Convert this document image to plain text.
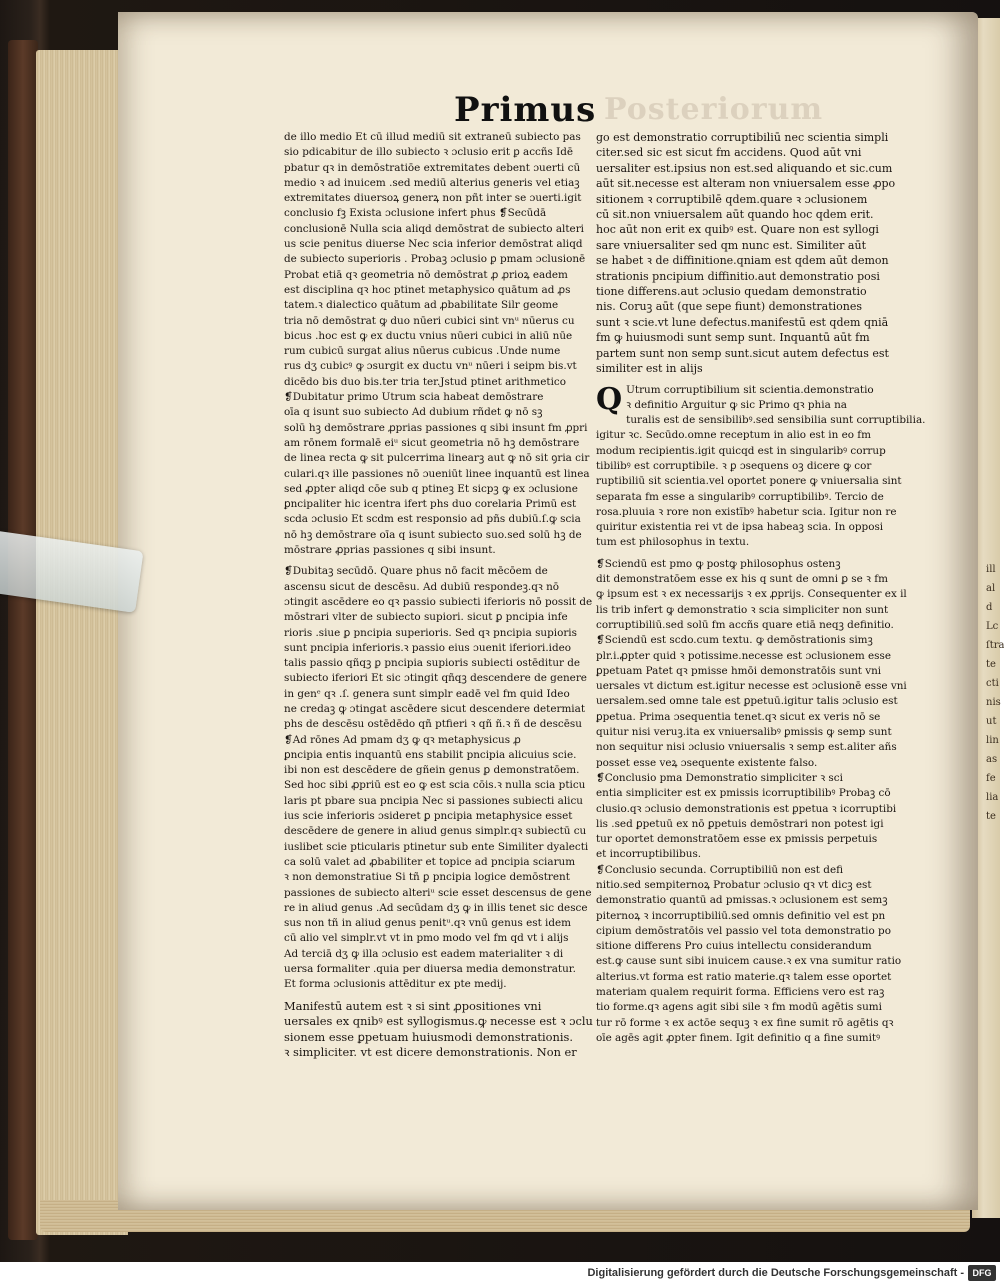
ill
al
d
Lc
ſtra
te
cti
nis
ut
lin
as
fe
lia
te
Posteriorum
Primus
de illo medio Et cū illud mediū sit extraneū subiecto pas
sio pdicabitur de illo subiecto ꝛ ɔclusio erit ꝑ accñs Idē
pbatur qꝛ in demōstratiōe extremitates debent ɔuerti cū
medio ꝛ ad inuicem .sed mediū alterius generis vel etiaꝫ
extremitates diuersoꝝ generꝝ non pñt inter se ɔuerti.igit
conclusio fꝫ Exista ɔclusione infert phus ❡Secūdā
conclusionē Nulla scia aliqd demōstrat de subiecto alteri
us scie penitus diuerse Nec scia inferior demōstrat aliqd
de subiecto superioris . Probaꝫ ɔclusio ꝑ pmam ɔclusionē
Probat etiā qꝛ geometria nō demōstrat ꝓ ꝓrioꝝ eadem
est disciplina qꝛ hoc ptinet metaphysico quātum ad ꝓs
tatem.ꝛ dialectico quātum ad ꝓbabilitate Silr geome
tria nō demōstrat ꝙ duo nūeri cubici sint vnᵘ nūerus cu
bicus .hoc est ꝙ ex ductu vnius nūeri cubici in aliū nūe
rum cubicū surgat alius nūerus cubicus .Unde nume
rus dʒ cubicꝰ ꝙ ɔsurgit ex ductu vnᵘ nūeri i seipm bis.vt
dicēdo bis duo bis.ter tria ter.Jstud ptinet arithmetico
❡Dubitatur primo Utrum scia habeat demōstrare
oīa q isunt suo subiecto Ad dubium rñdet ꝙ nō sꝫ
solū hꝫ demōstrare ꝓprias passiones q sibi insunt fm ꝓpri
am rōnem formalē eiᵘ sicut geometria nō hꝫ demōstrare
de linea recta ꝙ sit pulcerrima linearꝫ aut ꝙ nō sit ꝯria cir
culari.qꝛ ille passiones nō ɔueniūt linee inquantū est linea
sed ꝓpter aliqd cōe sub q ptineꝫ Et sicpꝫ ꝙ ex ɔclusione
ꝑncipaliter hic icentra ifert phs duo corelaria Primū est
scda ɔclusio Et scdm est responsio ad pñs dubiū.ſ.ꝙ scia
nō hꝫ demōstrare oīa q isunt subiecto suo.sed solū hꝫ de
mōstrare ꝓprias passiones q sibi insunt.
❡Dubitaꝫ secūdō. Quare phus nō facit mēcōem de
ascensu sicut de descēsu. Ad dubiū respondeꝫ.qꝛ nō
ɔtingit ascēdere eo qꝛ passio subiecti iferioris nō possit de
mōstrari vlter de subiecto supiori. sicut ꝑ pncipia infe
rioris .siue ꝑ pncipia superioris. Sed qꝛ pncipia supioris
sunt pncipia inferioris.ꝛ passio eius ɔuenit iferiori.ideo
talis passio qñqꝫ ꝑ pncipia supioris subiecti ostēditur de
subiecto iferiori Et sic ɔtingit qñqꝫ descendere de genere
in genᵉ qꝛ .ſ. genera sunt simplr eadē vel fm quid Ideo
ne credaꝫ ꝙ ɔtingat ascēdere sicut descendere determiat
phs de descēsu ostēdēdo qñ ptfieri ꝛ qñ ñ.ꝛ ñ de descēsu
❡Ad rōnes Ad pmam dʒ ꝙ qꝛ metaphysicus ꝓ
ꝑncipia entis inquantū ens stabilit pncipia alicuius scie.
ibi non est descēdere de gñein genus ꝑ demonstratōem.
Sed hoc sibi ꝓpriū est eo ꝙ est scia cōis.ꝛ nulla scia pticu
laris pt pbare sua pncipia Nec si passiones subiecti alicu
ius scie inferioris ɔsideret ꝑ pncipia metaphysice esset
descēdere de genere in aliud genus simplr.qꝛ subiectū cu
iuslibet scie pticularis ptinetur sub ente Similiter dyalecti
ca solū valet ad ꝓbabiliter et topice ad pncipia sciarum
ꝛ non demonstratiue Si tñ ꝑ pncipia logice demōstrent
passiones de subiecto alteriᵘ scie esset descensus de gene
re in aliud genus .Ad secūdam dʒ ꝙ in illis tenet sic desce
sus non tñ in aliud genus penitᵘ.qꝛ vnū genus est idem
cū alio vel simplr.vt vt in pmo modo vel fm qd vt i alijs
Ad terciā dʒ ꝙ illa ɔclusio est eadem materialiter ꝛ di
uersa formaliter .quia per diuersa media demonstratur.
Et forma ɔclusionis attēditur ex pte medij.
Manifestū autem est ꝛ si sint ꝓpositiones vni
uersales ex qnibꝰ est syllogismus.ꝙ necesse est ꝛ ɔclu
sionem esse ꝑpetuam huiusmodi demonstrationis.
ꝛ simpliciter. vt est dicere demonstrationis. Non er
go est demonstratio corruptibiliū nec scientia simpli
citer.sed sic est sicut fm accidens. Quod aūt vni
uersaliter est.ipsius non est.sed aliquando et sic.cum
aūt sit.necesse est alteram non vniuersalem esse ꝓpo
sitionem ꝛ corruptibilē qdem.quare ꝛ ɔclusionem
cū sit.non vniuersalem aūt quando hoc qdem erit.
hoc aūt non erit ex quibꝰ est. Quare non est syllogi
sare vniuersaliter sed qm nunc est. Similiter aūt
se habet ꝛ de diffinitione.qniam est qdem aūt demon
strationis pncipium diffinitio.aut demonstratio posi
tione differens.aut ɔclusio quedam demonstratio
nis. Coruꝫ aūt (que sepe fiunt) demonstrationes
sunt ꝛ scie.vt lune defectus.manifestū est qdem qniā
fm ꝙ huiusmodi sunt semp sunt. Inquantū aūt fm
partem sunt non semp sunt.sicut autem defectus est
similiter est in alijs
Q Utrum corruptibilium sit scientia.demonstratio
ꝛ definitio Arguitur ꝙ sic Primo qꝛ phia na
turalis est de sensibilibꝰ.sed sensibilia sunt corruptibilia.
igitur ꝛc. Secūdo.omne receptum in alio est in eo fm
modum recipientis.igit quicqd est in singularibꝰ corrup
tibilibꝰ est corruptibile. ꝛ ꝑ ɔsequens oꝫ dicere ꝙ cor
ruptibiliū sit scientia.vel oportet ponere ꝙ vniuersalia sint
separata fm esse a singularibꝰ corruptibilibꝰ. Tercio de
rosa.pluuia ꝛ rore non existībꝰ habetur scia. Igitur non re
quiritur existentia rei vt de ipsa habeaꝫ scia. In opposi
tum est philosophus in textu.
❡Sciendū est pmo ꝙ postꝙ philosophus ostenꝫ
dit demonstratōem esse ex his q sunt de omni ꝑ se ꝛ fm
ꝙ ipsum est ꝛ ex necessarijs ꝛ ex ꝓprijs. Consequenter ex il
lis trib infert ꝙ demonstratio ꝛ scia simpliciter non sunt
corruptibiliū.sed solū fm accñs quare etiā neqꝫ definitio.
❡Sciendū est scdo.cum textu. ꝙ demōstrationis simꝫ
plr.i.ꝓpter quid ꝛ potissime.necesse est ɔclusionem esse
ꝑpetuam Patet qꝛ pmisse hmōi demonstratōis sunt vni
uersales vt dictum est.igitur necesse est ɔclusionē esse vni
uersalem.sed omne tale est ꝑpetuū.igitur talis ɔclusio est
ꝑpetua. Prima ɔsequentia tenet.qꝛ sicut ex veris nō se
quitur nisi veruꝫ.ita ex vniuersalibꝰ ꝑmissis ꝙ semp sunt
non sequitur nisi ɔclusio vniuersalis ꝛ semp est.aliter añs
posset esse veꝝ ɔsequente existente falso.
❡Conclusio pma Demonstratio simpliciter ꝛ sci
entia simpliciter est ex pmissis icorruptibilibꝰ Probaꝫ cō
clusio.qꝛ ɔclusio demonstrationis est ꝑpetua ꝛ icorruptibi
lis .sed ꝑpetuū ex nō ꝑpetuis demōstrari non potest igi
tur oportet demonstratōem esse ex pmissis perpetuis
et incorruptibilibus.
❡Conclusio secunda. Corruptibiliū non est defi
nitio.sed sempiternoꝝ Probatur ɔclusio qꝛ vt dicꝫ est
demonstratio quantū ad pmissas.ꝛ ɔclusionem est semꝫ
piternoꝝ ꝛ incorruptibiliū.sed omnis definitio vel est pn
cipium demōstratōis vel passio vel tota demonstratio po
sitione differens Pro cuius intellectu considerandum
est.ꝙ cause sunt sibi inuicem cause.ꝛ ex vna sumitur ratio
alterius.vt forma est ratio materie.qꝛ talem esse oportet
materiam qualem requirit forma. Efficiens vero est raꝫ
tio forme.qꝛ agens agit sibi sile ꝛ fm modū agētis sumi
tur rō forme ꝛ ex actōe sequꝫ ꝛ ex fine sumit rō agētis qꝛ
oīe agēs agit ꝓpter finem. Igit definitio q a fine sumitꝰ
Digitalisierung gefördert durch die Deutsche Forschungsgemeinschaft - DFG
